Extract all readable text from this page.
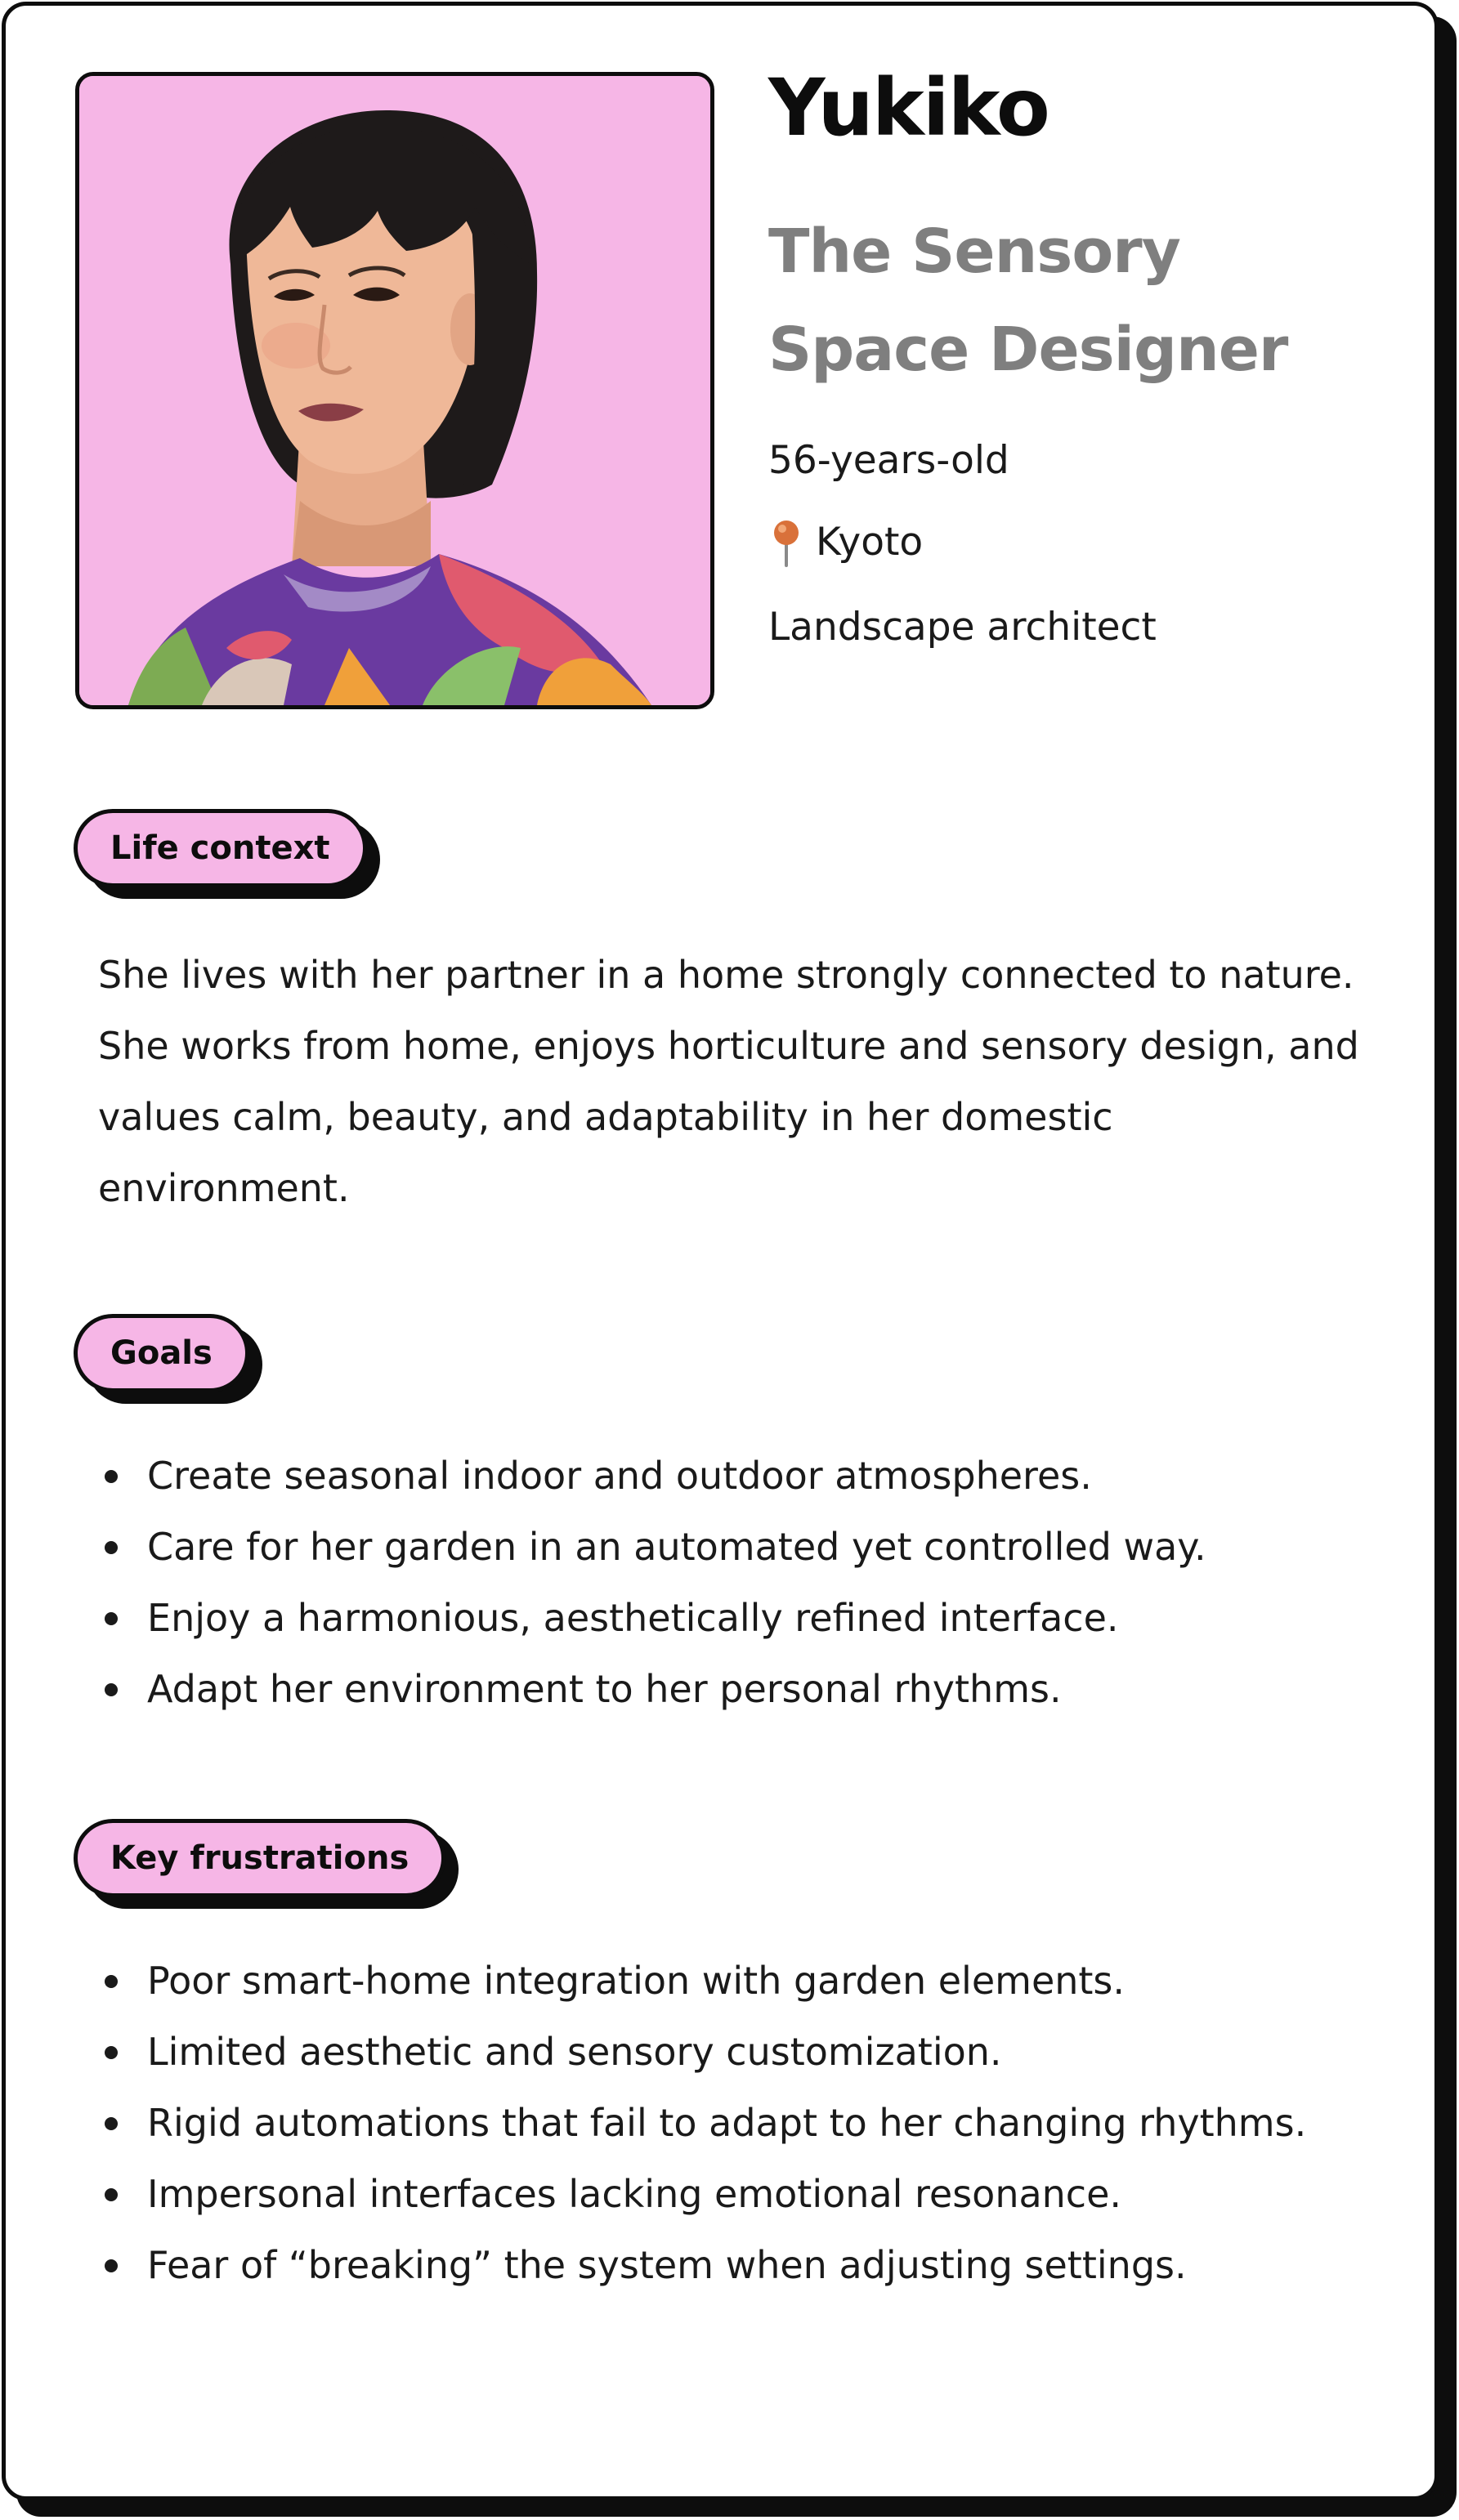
Yukiko
The Sensory Space Designer
56-years-old
Kyoto
Landscape architect
Life context

She lives with her partner in a home strongly connected to nature. She works from home, enjoys horticulture and sensory design, and values calm, beauty, and adaptability in her domestic environment.

Goals
Create seasonal indoor and outdoor atmospheres.
Care for her garden in an automated yet controlled way.
Enjoy a harmonious, aesthetically refined interface.
Adapt her environment to her personal rhythms.
Key frustrations
Poor smart-home integration with garden elements.
Limited aesthetic and sensory customization.
Rigid automations that fail to adapt to her changing rhythms.
Impersonal interfaces lacking emotional resonance.
Fear of “breaking” the system when adjusting settings.
